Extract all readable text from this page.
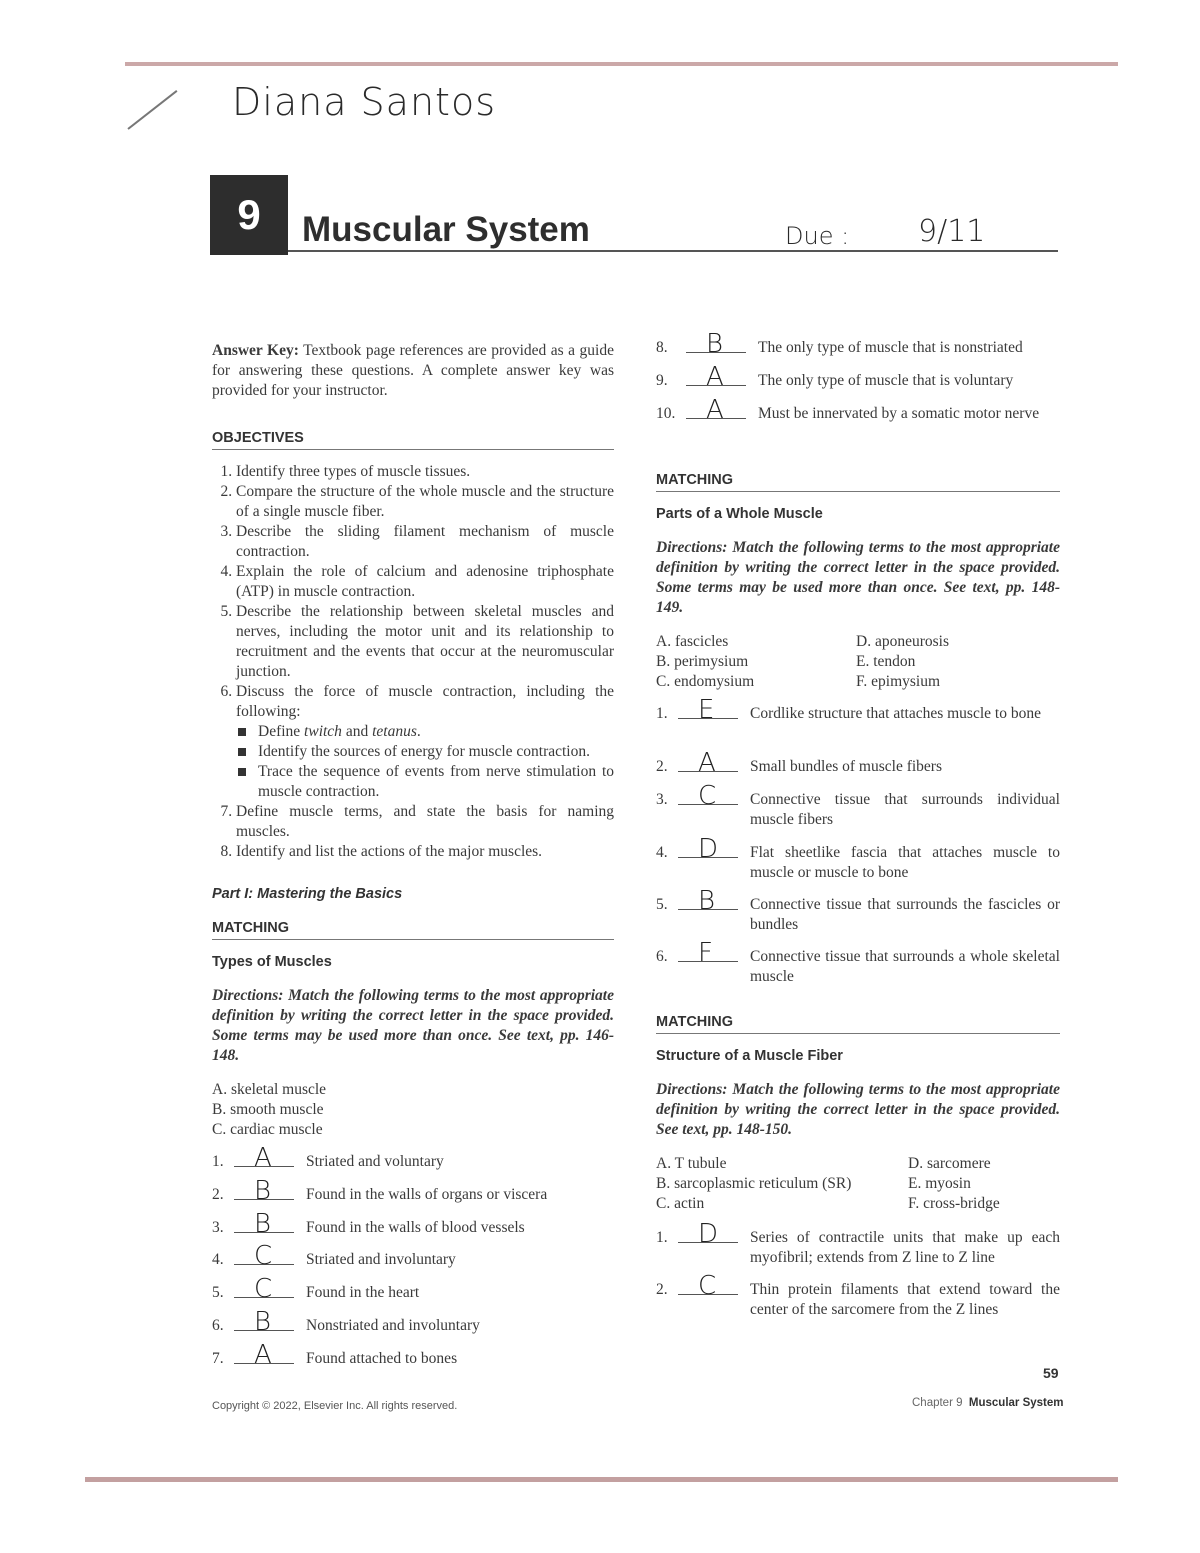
Diana Santos
Due : 9/11
9	Muscular System
Answer Key: Textbook page references are provided as a guide for answering these questions. A complete answer key was provided for your instructor.
OBJECTIVES
1. Identify three types of muscle tissues.
2. Compare the structure of the whole muscle and the structure of a single muscle fiber.
3. Describe the sliding filament mechanism of muscle contraction.
4. Explain the role of calcium and adenosine triphosphate (ATP) in muscle contraction.
5. Describe the relationship between skeletal muscles and nerves, including the motor unit and its relationship to recruitment and the events that occur at the neuromuscular junction.
6. Discuss the force of muscle contraction, including the following:
Define twitch and tetanus.
Identify the sources of energy for muscle contraction.
Trace the sequence of events from nerve stimulation to muscle contraction.
7. Define muscle terms, and state the basis for naming muscles.
8. Identify and list the actions of the major muscles.
Part I: Mastering the Basics
MATCHING
Types of Muscles
Directions: Match the following terms to the most appropriate definition by writing the correct letter in the space provided. Some terms may be used more than once. See text, pp. 146-148.
A. skeletal muscle
B. smooth muscle
C. cardiac muscle
1.	A Striated and voluntary
2.	B Found in the walls of organs or viscera
3.	B Found in the walls of blood vessels
4.	C Striated and involuntary
5.	C Found in the heart
6.	B Nonstriated and involuntary
7.	A Found attached to bones
8.	B The only type of muscle that is nonstriated
9.	A The only type of muscle that is voluntary
10.	A Must be innervated by a somatic motor nerve
MATCHING
Parts of a Whole Muscle
Directions: Match the following terms to the most appropriate definition by writing the correct letter in the space provided. Some terms may be used more than once. See text, pp. 148-149.
A. fascicles	D. aponeurosis
B. perimysium	E. tendon
C. endomysium	F. epimysium
1.	E Cordlike structure that attaches muscle to bone
2.	A Small bundles of muscle fibers
3.	C Connective tissue that surrounds individual muscle fibers
4.	D Flat sheetlike fascia that attaches muscle to muscle or muscle to bone
5.	B Connective tissue that surrounds the fascicles or bundles
6.	F Connective tissue that surrounds a whole skeletal muscle
MATCHING
Structure of a Muscle Fiber
Directions: Match the following terms to the most appropriate definition by writing the correct letter in the space provided. See text, pp. 148-150.
A. T tubule	D. sarcomere
B. sarcoplasmic reticulum (SR)	E. myosin
C. actin	F. cross-bridge
1.	D Series of contractile units that make up each myofibril; extends from Z line to Z line
2.	C Thin protein filaments that extend toward the center of the sarcomere from the Z lines
59
Copyright © 2022, Elsevier Inc. All rights reserved.	Chapter 9 Muscular System
